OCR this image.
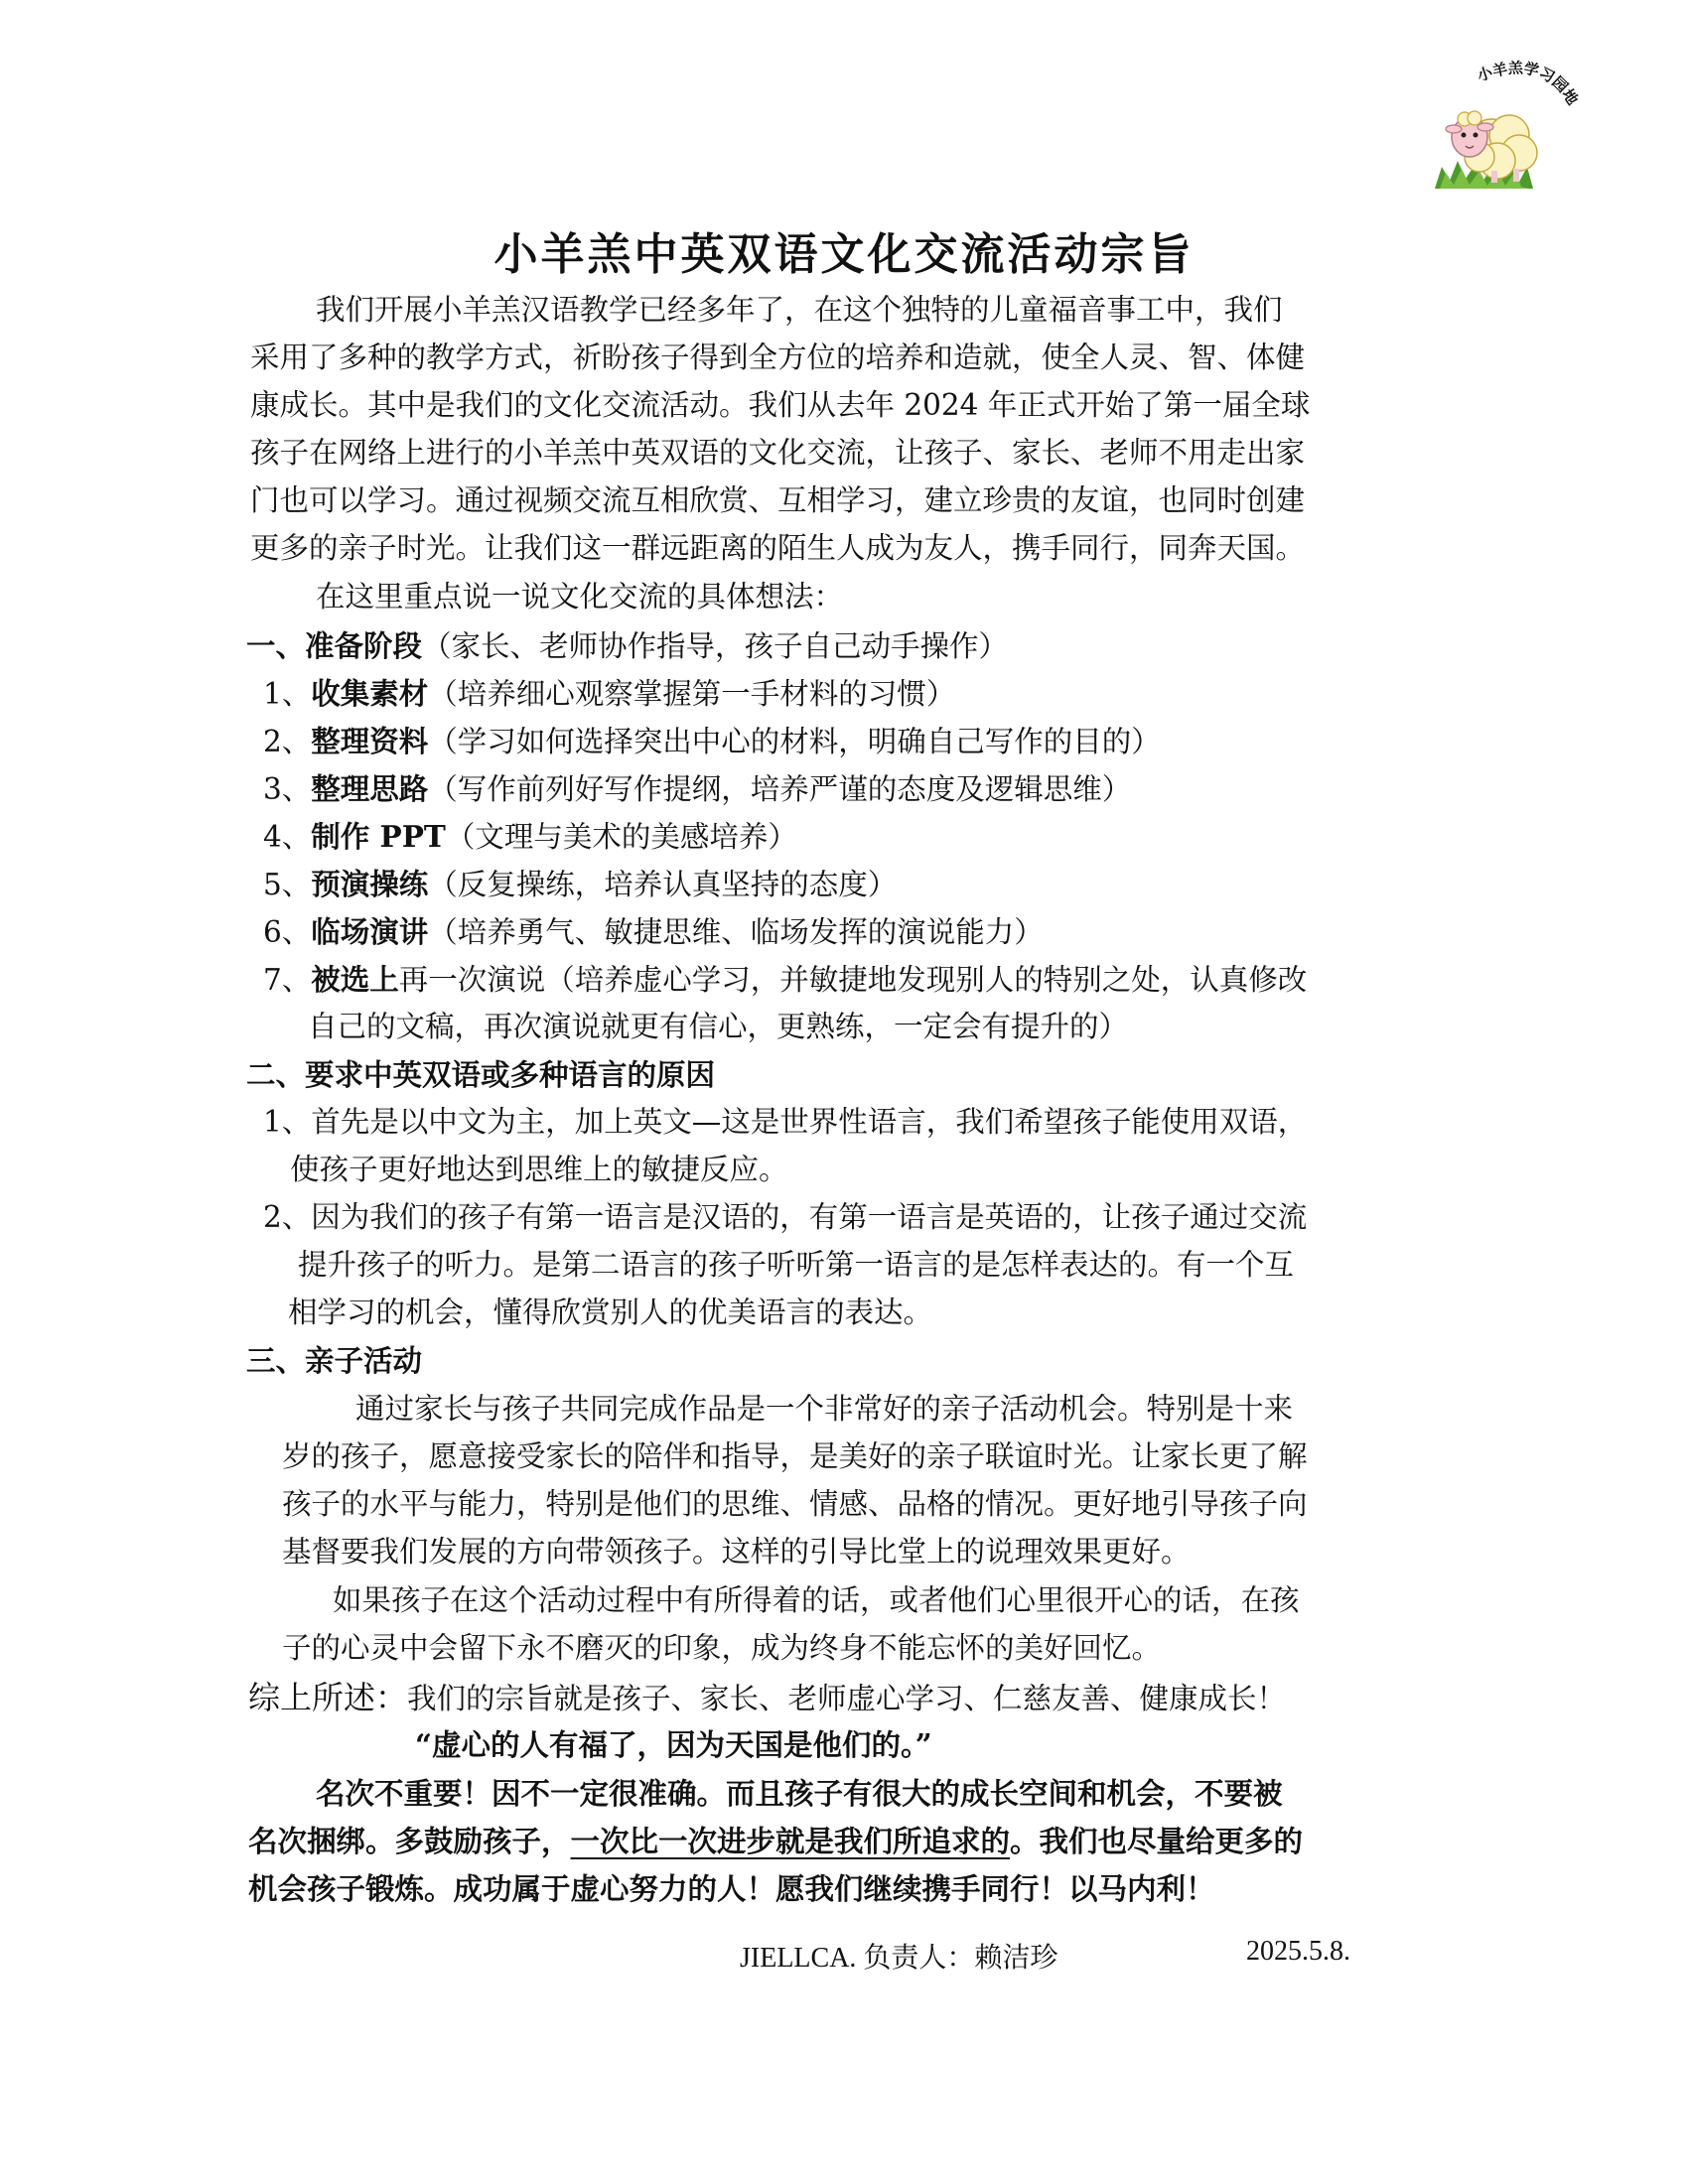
小羊羔学习园地
小羊羔中英双语文化交流活动宗旨
我们开展小羊羔汉语教学已经多年了，在这个独特的儿童福音事工中，我们
采用了多种的教学方式，祈盼孩子得到全方位的培养和造就，使全人灵、智、体健
康成长。其中是我们的文化交流活动。我们从去年 2024 年正式开始了第一届全球
孩子在网络上进行的小羊羔中英双语的文化交流，让孩子、家长、老师不用走出家
门也可以学习。通过视频交流互相欣赏、互相学习，建立珍贵的友谊，也同时创建
更多的亲子时光。让我们这一群远距离的陌生人成为友人，携手同行，同奔天国。
在这里重点说一说文化交流的具体想法：
一、准备阶段（家长、老师协作指导，孩子自己动手操作）
1、收集素材（培养细心观察掌握第一手材料的习惯）
2、整理资料（学习如何选择突出中心的材料，明确自己写作的目的）
3、整理思路（写作前列好写作提纲，培养严谨的态度及逻辑思维）
4、制作 PPT（文理与美术的美感培养）
5、预演操练（反复操练，培养认真坚持的态度）
6、临场演讲（培养勇气、敏捷思维、临场发挥的演说能力）
7、被选上再一次演说（培养虚心学习，并敏捷地发现别人的特别之处，认真修改
自己的文稿，再次演说就更有信心，更熟练，一定会有提升的）
二、要求中英双语或多种语言的原因
1、首先是以中文为主，加上英文—这是世界性语言，我们希望孩子能使用双语，
使孩子更好地达到思维上的敏捷反应。
2、因为我们的孩子有第一语言是汉语的，有第一语言是英语的，让孩子通过交流
提升孩子的听力。是第二语言的孩子听听第一语言的是怎样表达的。有一个互
相学习的机会，懂得欣赏别人的优美语言的表达。
三、亲子活动
通过家长与孩子共同完成作品是一个非常好的亲子活动机会。特别是十来
岁的孩子，愿意接受家长的陪伴和指导，是美好的亲子联谊时光。让家长更了解
孩子的水平与能力，特别是他们的思维、情感、品格的情况。更好地引导孩子向
基督要我们发展的方向带领孩子。这样的引导比堂上的说理效果更好。
如果孩子在这个活动过程中有所得着的话，或者他们心里很开心的话，在孩
子的心灵中会留下永不磨灭的印象，成为终身不能忘怀的美好回忆。
综上所述：我们的宗旨就是孩子、家长、老师虚心学习、仁慈友善、健康成长！
“虚心的人有福了，因为天国是他们的。”
名次不重要！因不一定很准确。而且孩子有很大的成长空间和机会，不要被
名次捆绑。多鼓励孩子，一次比一次进步就是我们所追求的。我们也尽量给更多的
机会孩子锻炼。成功属于虚心努力的人！愿我们继续携手同行！以马内利！
JIELLCA. 负责人：赖洁珍	2025.5.8.
